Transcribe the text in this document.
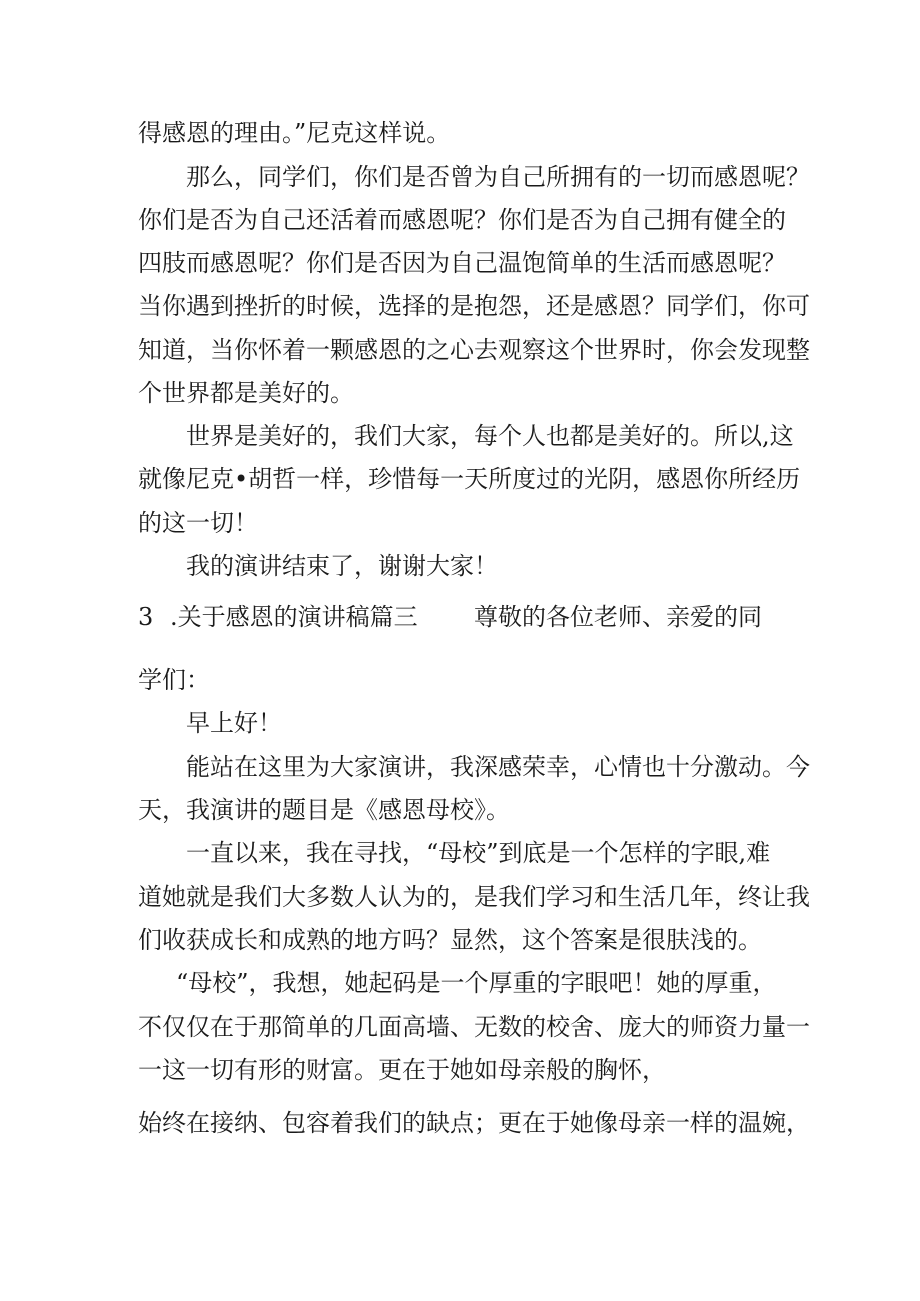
得感恩的理由。”尼克这样说。
那么，同学们，你们是否曾为自己所拥有的一切而感恩呢？
你们是否为自己还活着而感恩呢？你们是否为自己拥有健全的
四肢而感恩呢？你们是否因为自己温饱简单的生活而感恩呢？
当你遇到挫折的时候，选择的是抱怨，还是感恩？同学们，你可
知道，当你怀着一颗感恩的之心去观察这个世界时，你会发现整
个世界都是美好的。
世界是美好的，我们大家，每个人也都是美好的。所以,这
就像尼克•胡哲一样，珍惜每一天所度过的光阴，感恩你所经历
的这一切！
我的演讲结束了，谢谢大家！
3 .关于感恩的演讲稿篇三 尊敬的各位老师、亲爱的同
学们：
早上好！
能站在这里为大家演讲，我深感荣幸，心情也十分激动。今
天，我演讲的题目是《感恩母校》。
一直以来，我在寻找，“母校”到底是一个怎样的字眼,难
道她就是我们大多数人认为的，是我们学习和生活几年，终让我
们收获成长和成熟的地方吗？显然，这个答案是很肤浅的。
“母校”，我想，她起码是一个厚重的字眼吧！她的厚重，
不仅仅在于那简单的几面高墙、无数的校舍、庞大的师资力量一
一这一切有形的财富。更在于她如母亲般的胸怀，
始终在接纳、包容着我们的缺点；更在于她像母亲一样的温婉，
